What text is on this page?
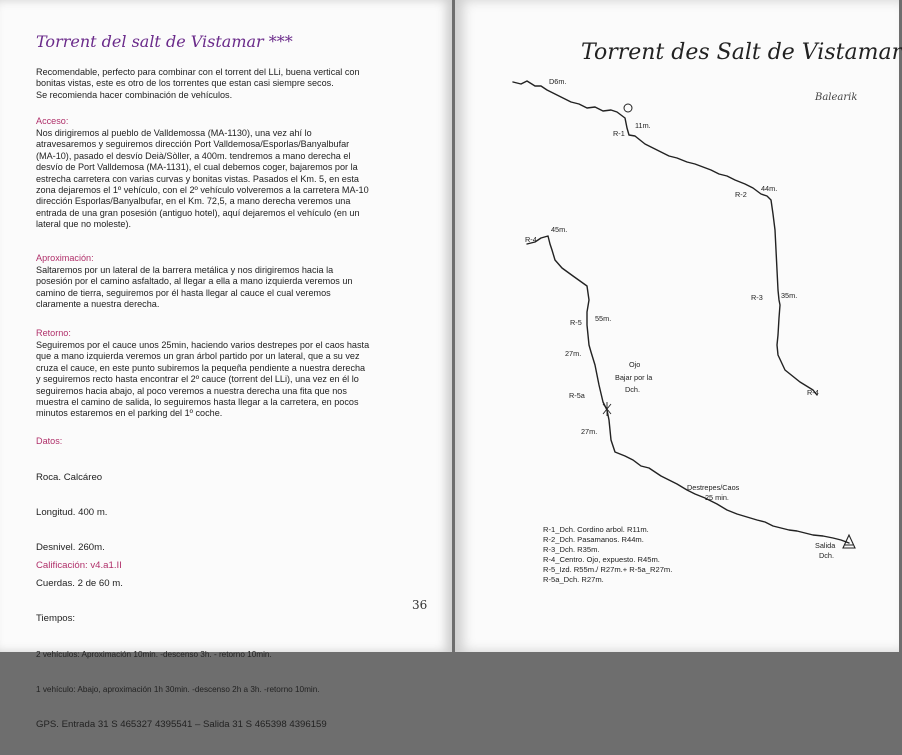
Torrent del salt de Vistamar ***
Recomendable, perfecto para combinar con el torrent del LLi, buena vertical con
bonitas vistas, este es otro de los torrentes que estan casi siempre secos.
Se recomienda hacer combinación de vehículos.
Acceso:
Nos dirigiremos al pueblo de Valldemossa (MA-1130), una vez ahí lo
atravesaremos y seguiremos dirección Port Valldemosa/Esporlas/Banyalbufar
(MA-10), pasado el desvío Deià/Sòller, a 400m. tendremos a mano derecha el
desvío de Port Valldemosa (MA-1131), el cual debemos coger, bajaremos por la
estrecha carretera con varias curvas y bonitas vistas. Pasados el Km. 5, en esta
zona dejaremos el 1º vehículo, con el 2º vehículo volveremos a la carretera MA-10
dirección Esporlas/Banyalbufar, en el Km. 72,5, a mano derecha veremos una
entrada de una gran posesión (antiguo hotel), aquí dejaremos el vehículo (en un
lateral que no moleste).
Aproximación:
Saltaremos por un lateral de la barrera metálica y nos dirigiremos hacia la
posesión por el camino asfaltado, al llegar a ella a mano izquierda veremos un
camino de tierra, seguiremos por él hasta llegar al cauce el cual veremos
claramente a nuestra derecha.
Retorno:
Seguiremos por el cauce unos 25min, haciendo varios destrepes por el caos hasta
que a mano izquierda veremos un gran árbol partido por un lateral, que a su vez
cruza el cauce, en este punto subiremos la pequeña pendiente a nuestra derecha
y seguiremos recto hasta encontrar el 2º cauce (torrent del LLi), una vez en él lo
seguiremos hacia abajo, al poco veremos a nuestra derecha una fita que nos
muestra el camino de salida, lo seguiremos hasta llegar a la carretera, en pocos
minutos estaremos en el parking del 1º coche.
Datos:

Roca. Calcáreo

Longitud. 400 m.

Desnivel. 260m.

Cuerdas. 2 de 60 m.

Tiempos:

2 vehículos: Aproximación 10min. -descenso 3h. - retorno 10min.

1 vehículo: Abajo, aproximación 1h 30min. -descenso 2h a 3h. -retorno 10min.

GPS. Entrada 31 S 465327 4395541 – Salida 31 S 465398 4396159

Calificación: v4.a1.II
36
Torrent des Salt de Vistamar
Balearik
D6m.
R-1
11m.
R-2
44m.
R-4
45m.
R-3 35m.
R-5 55m.
27m.
Ojo
Bajar por la
Dch.	R-4
R-5a
27m.
Destrepes/Caos
25 min.
Salida
Dch.
R-1_Dch. Cordino arbol. R11m.
R-2_Dch. Pasamanos. R44m.
R-3_Dch. R35m.
R-4_Centro. Ojo, expuesto. R45m.
R-5_Izd. R55m./ R27m.+ R-5a_R27m.
R-5a_Dch. R27m.
